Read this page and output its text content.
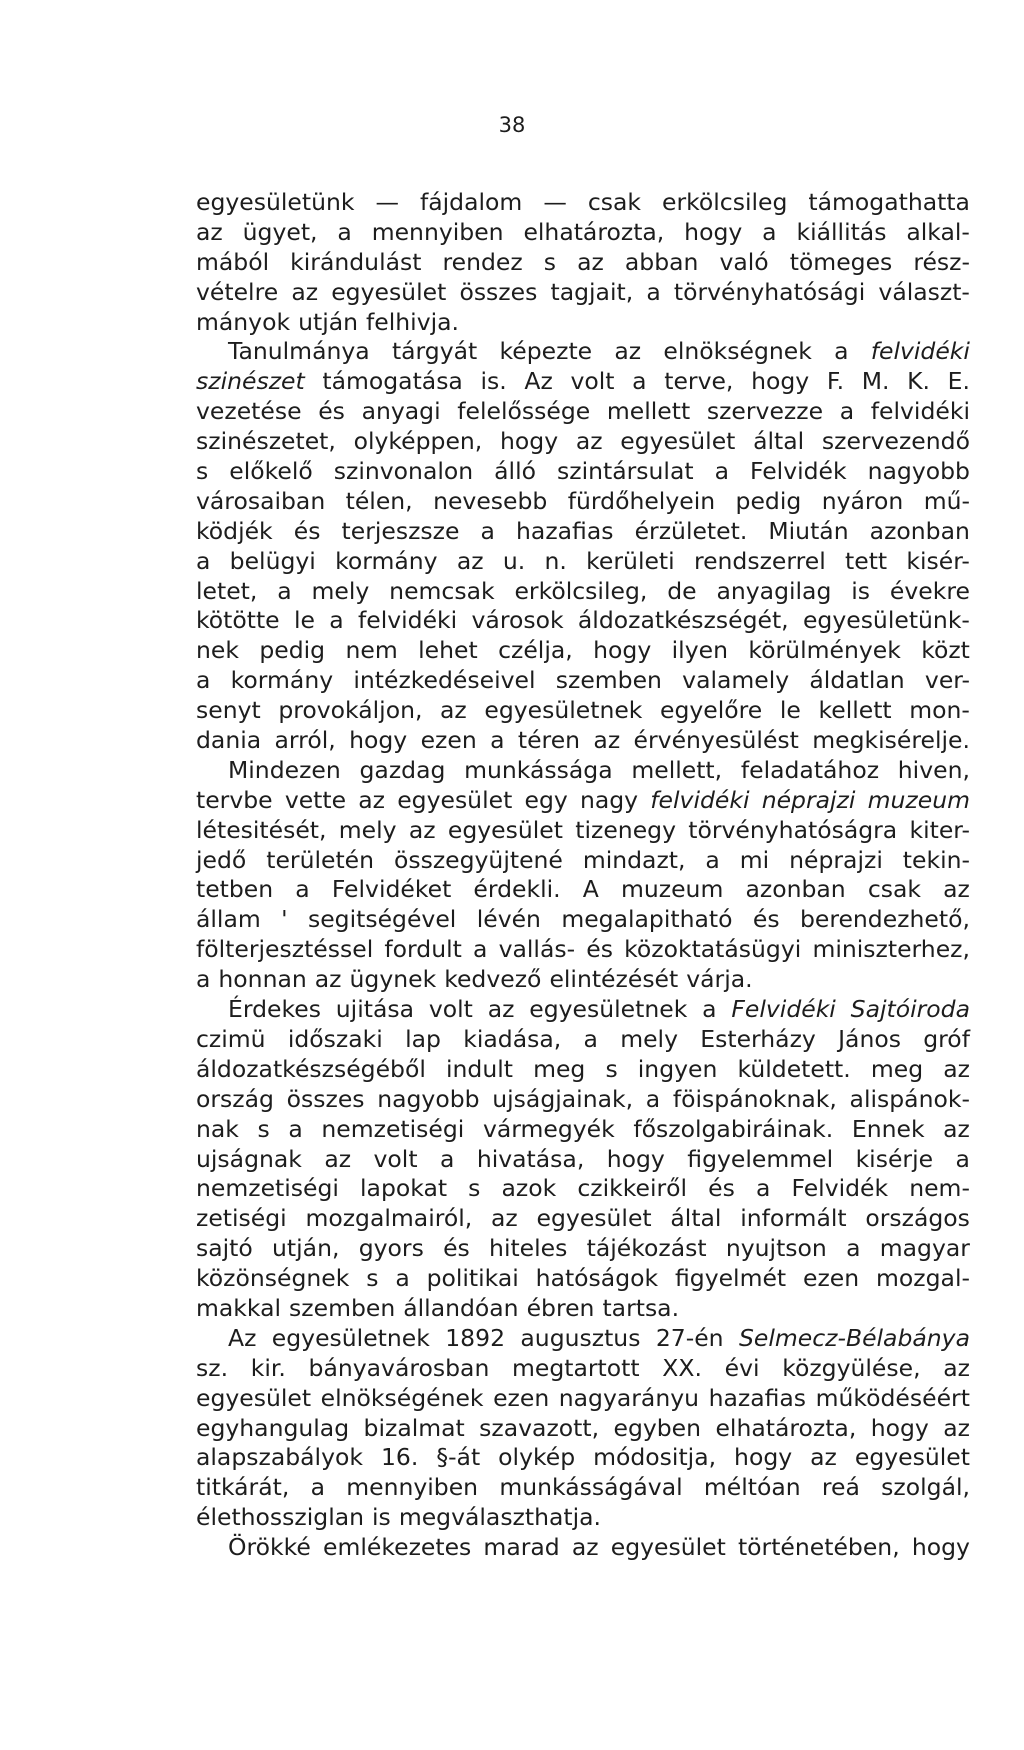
38
egyesületünk — fájdalom — csak erkölcsileg támogathatta
az ügyet, a mennyiben elhatározta, hogy a kiállitás alkal-
mából kirándulást rendez s az abban való tömeges rész-
vételre az egyesület összes tagjait, a törvényhatósági választ-
mányok utján felhivja.
Tanulmánya tárgyát képezte az elnökségnek a felvidéki
szinészet támogatása is. Az volt a terve, hogy F. M. K. E.
vezetése és anyagi felelőssége mellett szervezze a felvidéki
szinészetet, olyképpen, hogy az egyesület által szervezendő
s előkelő szinvonalon álló szintársulat a Felvidék nagyobb
városaiban télen, nevesebb fürdőhelyein pedig nyáron mű-
ködjék és terjeszsze a hazafias érzületet. Miután azonban
a belügyi kormány az u. n. kerületi rendszerrel tett kisér-
letet, a mely nemcsak erkölcsileg, de anyagilag is évekre
kötötte le a felvidéki városok áldozatkészségét, egyesületünk-
nek pedig nem lehet czélja, hogy ilyen körülmények közt
a kormány intézkedéseivel szemben valamely áldatlan ver-
senyt provokáljon, az egyesületnek egyelőre le kellett mon-
dania arról, hogy ezen a téren az érvényesülést megkisérelje.
Mindezen gazdag munkássága mellett, feladatához hiven,
tervbe vette az egyesület egy nagy felvidéki néprajzi muzeum
létesitését, mely az egyesület tizenegy törvényhatóságra kiter-
jedő területén összegyüjtené mindazt, a mi néprajzi tekin-
tetben a Felvidéket érdekli. A muzeum azonban csak az
állam ' segitségével lévén megalapitható és berendezhető,
fölterjesztéssel fordult a vallás- és közoktatásügyi miniszterhez,
a honnan az ügynek kedvező elintézését várja.
Érdekes ujitása volt az egyesületnek a Felvidéki Sajtóiroda
czimü időszaki lap kiadása, a mely Esterházy János gróf
áldozatkészségéből indult meg s ingyen küldetett. meg az
ország összes nagyobb ujságjainak, a föispánoknak, alispánok-
nak s a nemzetiségi vármegyék főszolgabiráinak. Ennek az
ujságnak az volt a hivatása, hogy figyelemmel kisérje a
nemzetiségi lapokat s azok czikkeiről és a Felvidék nem-
zetiségi mozgalmairól, az egyesület által informált országos
sajtó utján, gyors és hiteles tájékozást nyujtson a magyar
közönségnek s a politikai hatóságok figyelmét ezen mozgal-
makkal szemben állandóan ébren tartsa.
Az egyesületnek 1892 augusztus 27-én Selmecz-Bélabánya
sz. kir. bányavárosban megtartott XX. évi közgyülése, az
egyesület elnökségének ezen nagyarányu hazafias működéséért
egyhangulag bizalmat szavazott, egyben elhatározta, hogy az
alapszabályok 16. §-át olykép módositja, hogy az egyesület
titkárát, a mennyiben munkásságával méltóan reá szolgál,
élethossziglan is megválaszthatja.
Örökké emlékezetes marad az egyesület történetében, hogy
